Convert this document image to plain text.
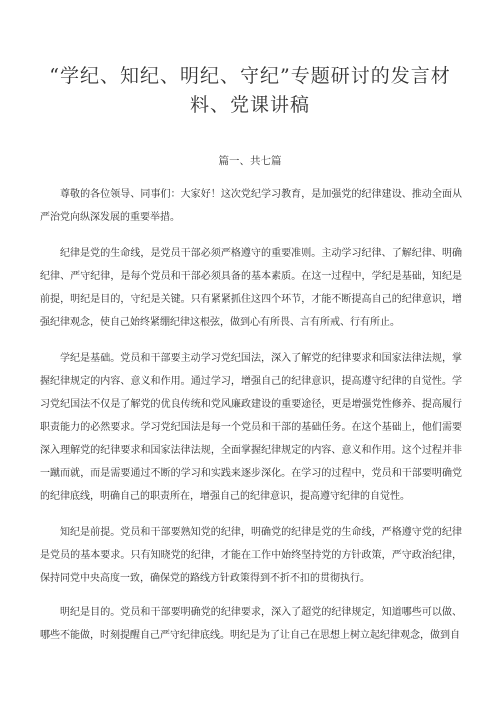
“学纪、知纪、明纪、守纪”专题研讨的发言材料、党课讲稿
篇一、共七篇

尊敬的各位领导、同事们：大家好！这次党纪学习教育，是加强党的纪律建设、推动全面从严治党向纵深发展的重要举措。

纪律是党的生命线，是党员干部必须严格遵守的重要准则。主动学习纪律、了解纪律、明确纪律、严守纪律，是每个党员和干部必须具备的基本素质。在这一过程中，学纪是基础，知纪是前提，明纪是目的，守纪是关键。只有紧紧抓住这四个环节，才能不断提高自己的纪律意识，增强纪律观念，使自己始终紧绷纪律这根弦，做到心有所畏、言有所戒、行有所止。

学纪是基础。党员和干部要主动学习党纪国法，深入了解党的纪律要求和国家法律法规，掌握纪律规定的内容、意义和作用。通过学习，增强自己的纪律意识，提高遵守纪律的自觉性。学习党纪国法不仅是了解党的优良传统和党风廉政建设的重要途径，更是增强党性修养、提高履行职责能力的必然要求。学习党纪国法是每一个党员和干部的基础任务。在这个基础上，他们需要深入理解党的纪律要求和国家法律法规，全面掌握纪律规定的内容、意义和作用。这个过程并非一蹴而就，而是需要通过不断的学习和实践来逐步深化。在学习的过程中，党员和干部要明确党的纪律底线，明确自己的职责所在，增强自己的纪律意识，提高遵守纪律的自觉性。

知纪是前提。党员和干部要熟知党的纪律，明确党的纪律是党的生命线，严格遵守党的纪律是党员的基本要求。只有知晓党的纪律，才能在工作中始终坚持党的方针政策，严守政治纪律，保持同党中央高度一致，确保党的路线方针政策得到不折不扣的贯彻执行。

明纪是目的。党员和干部要明确党的纪律要求，深入了超党的纪律规定，知道哪些可以做、哪些不能做，时刻提醒自己严守纪律底线。明纪是为了让自己在思想上树立起纪律观念，做到自
